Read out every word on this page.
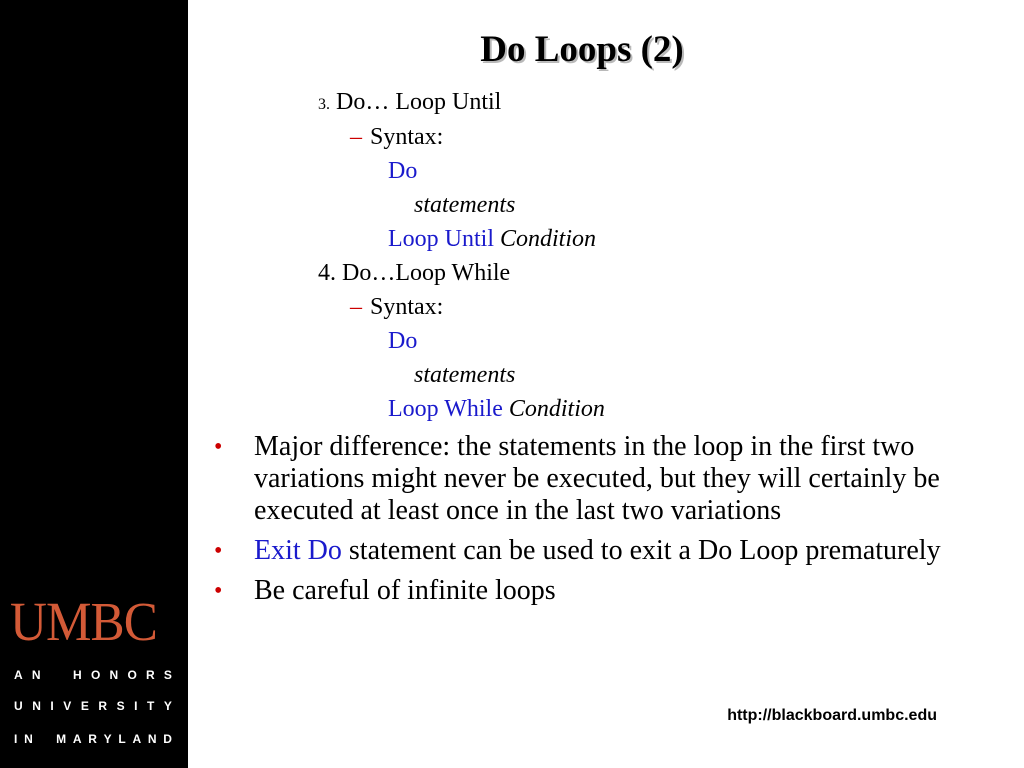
UMBC
A N	H O N O R S
U N I V E R S I T Y
I N M A R Y L A N D
Do Loops (2)
3. Do… Loop Until
– Syntax:
Do
statements
Loop Until Condition
4. Do…Loop While
– Syntax:
Do
statements
Loop While Condition
• Major difference: the statements in the loop in the first two variations might never be executed, but they will certainly be executed at least once in the last two variations
• Exit Do statement can be used to exit a Do Loop prematurely
• Be careful of infinite loops
http://blackboard.umbc.edu
